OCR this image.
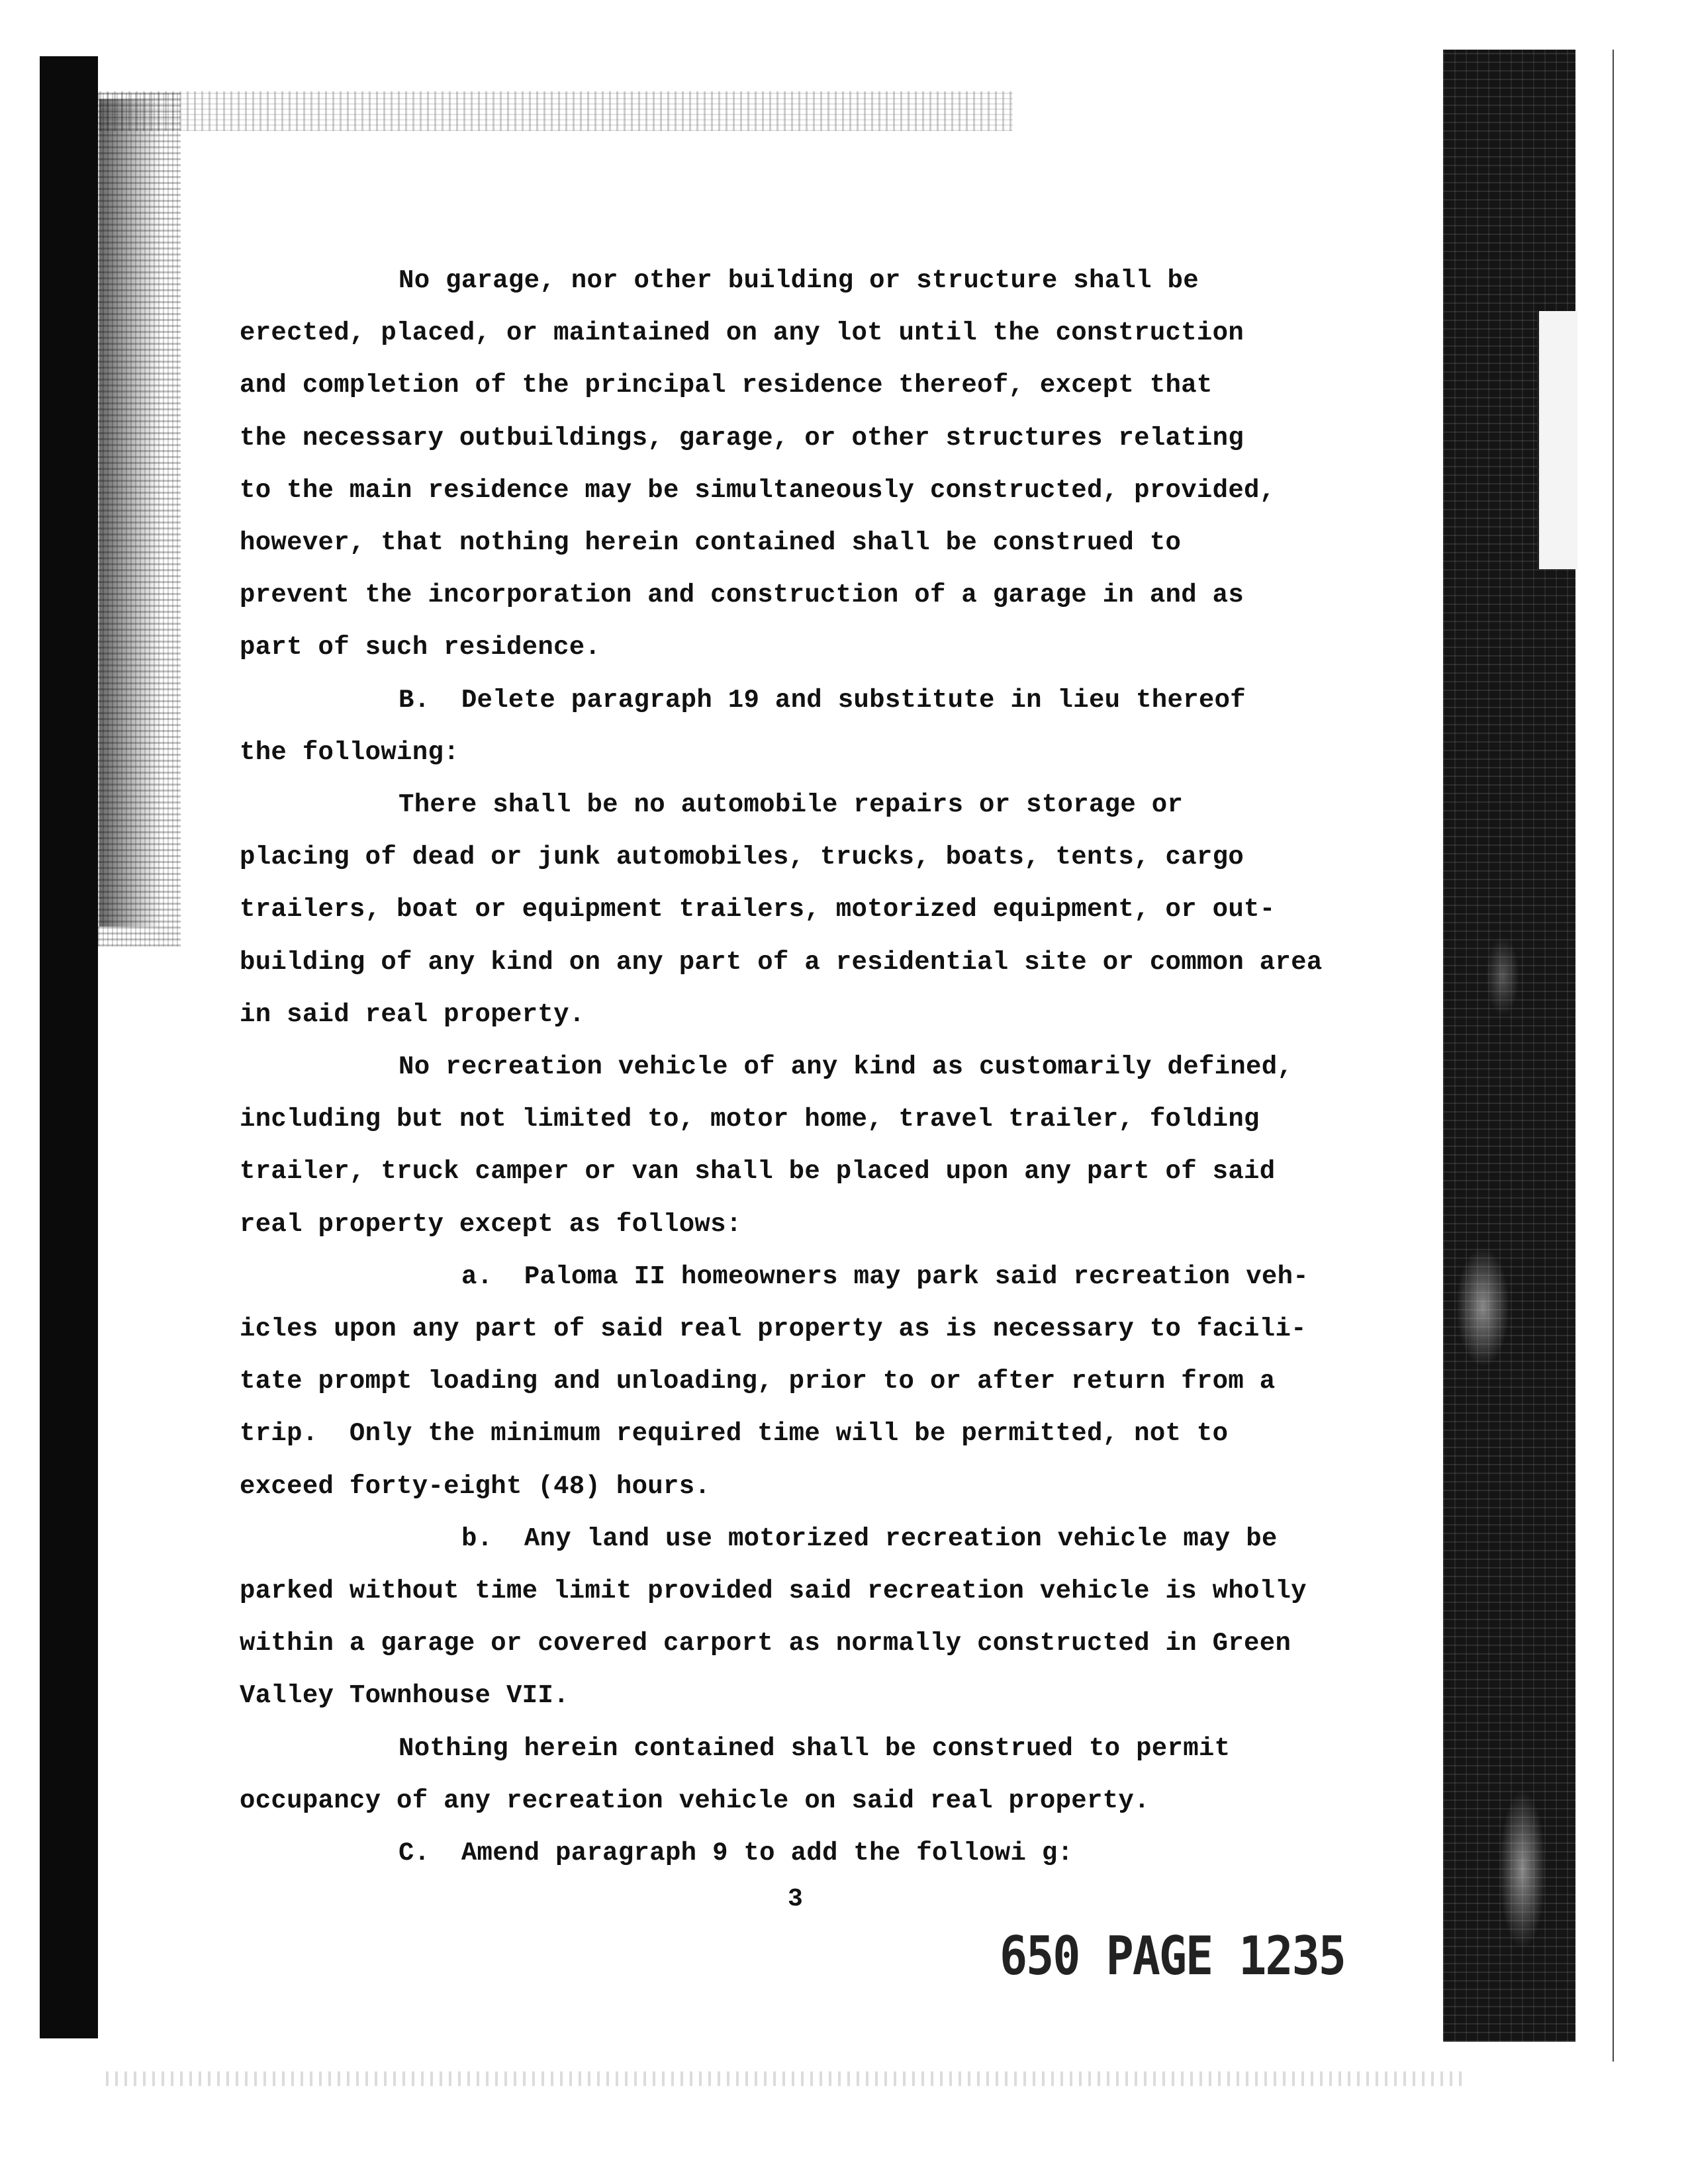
No garage, nor other building or structure shall be
erected, placed, or maintained on any lot until the construction
and completion of the principal residence thereof, except that
the necessary outbuildings, garage, or other structures relating
to the main residence may be simultaneously constructed, provided,
however, that nothing herein contained shall be construed to
prevent the incorporation and construction of a garage in and as
part of such residence.

B.  Delete paragraph 19 and substitute in lieu thereof
the following:

There shall be no automobile repairs or storage or
placing of dead or junk automobiles, trucks, boats, tents, cargo
trailers, boat or equipment trailers, motorized equipment, or out-
building of any kind on any part of a residential site or common area
in said real property.

No recreation vehicle of any kind as customarily defined,
including but not limited to, motor home, travel trailer, folding
trailer, truck camper or van shall be placed upon any part of said
real property except as follows:

a.  Paloma II homeowners may park said recreation veh-
icles upon any part of said real property as is necessary to facili-
tate prompt loading and unloading, prior to or after return from a
trip.  Only the minimum required time will be permitted, not to
exceed forty-eight (48) hours.

b.  Any land use motorized recreation vehicle may be
parked without time limit provided said recreation vehicle is wholly
within a garage or covered carport as normally constructed in Green
Valley Townhouse VII.

Nothing herein contained shall be construed to permit
occupancy of any recreation vehicle on said real property.

C.  Amend paragraph 9 to add the followi g:

3
650 PAGE 1235
